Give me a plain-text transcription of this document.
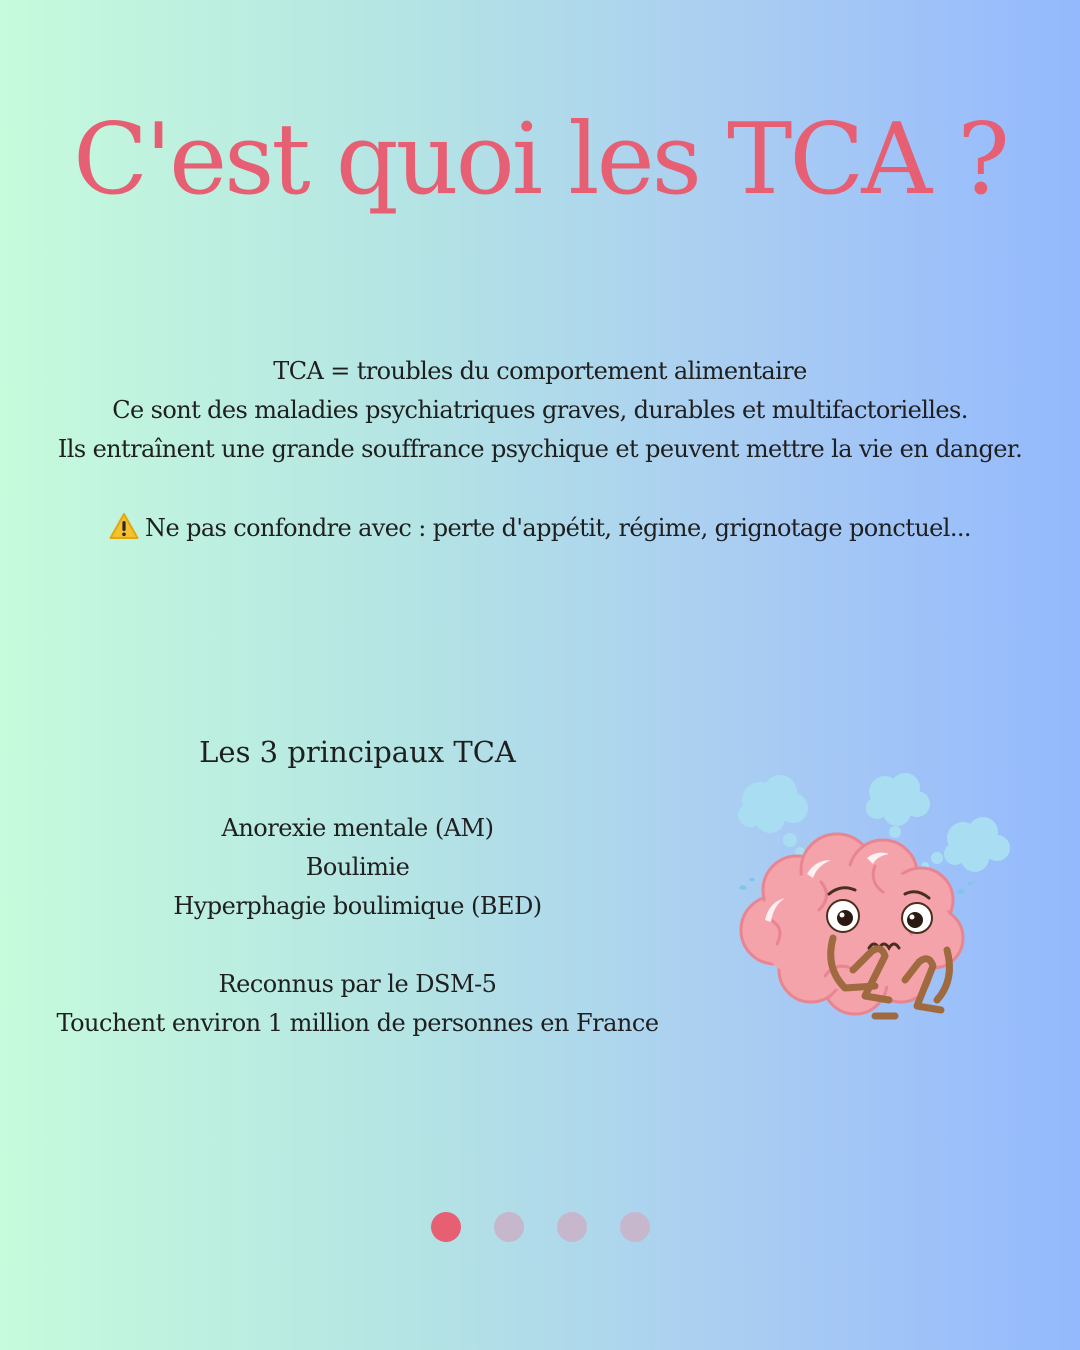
C'est quoi les TCA ?
TCA = troubles du comportement alimentaire
Ce sont des maladies psychiatriques graves, durables et multifactorielles.
Ils entraînent une grande souffrance psychique et peuvent mettre la vie en danger.
Ne pas confondre avec : perte d'appétit, régime, grignotage ponctuel...
Les 3 principaux TCA
Anorexie mentale (AM)
Boulimie
Hyperphagie boulimique (BED)
Reconnus par le DSM-5
Touchent environ 1 million de personnes en France
